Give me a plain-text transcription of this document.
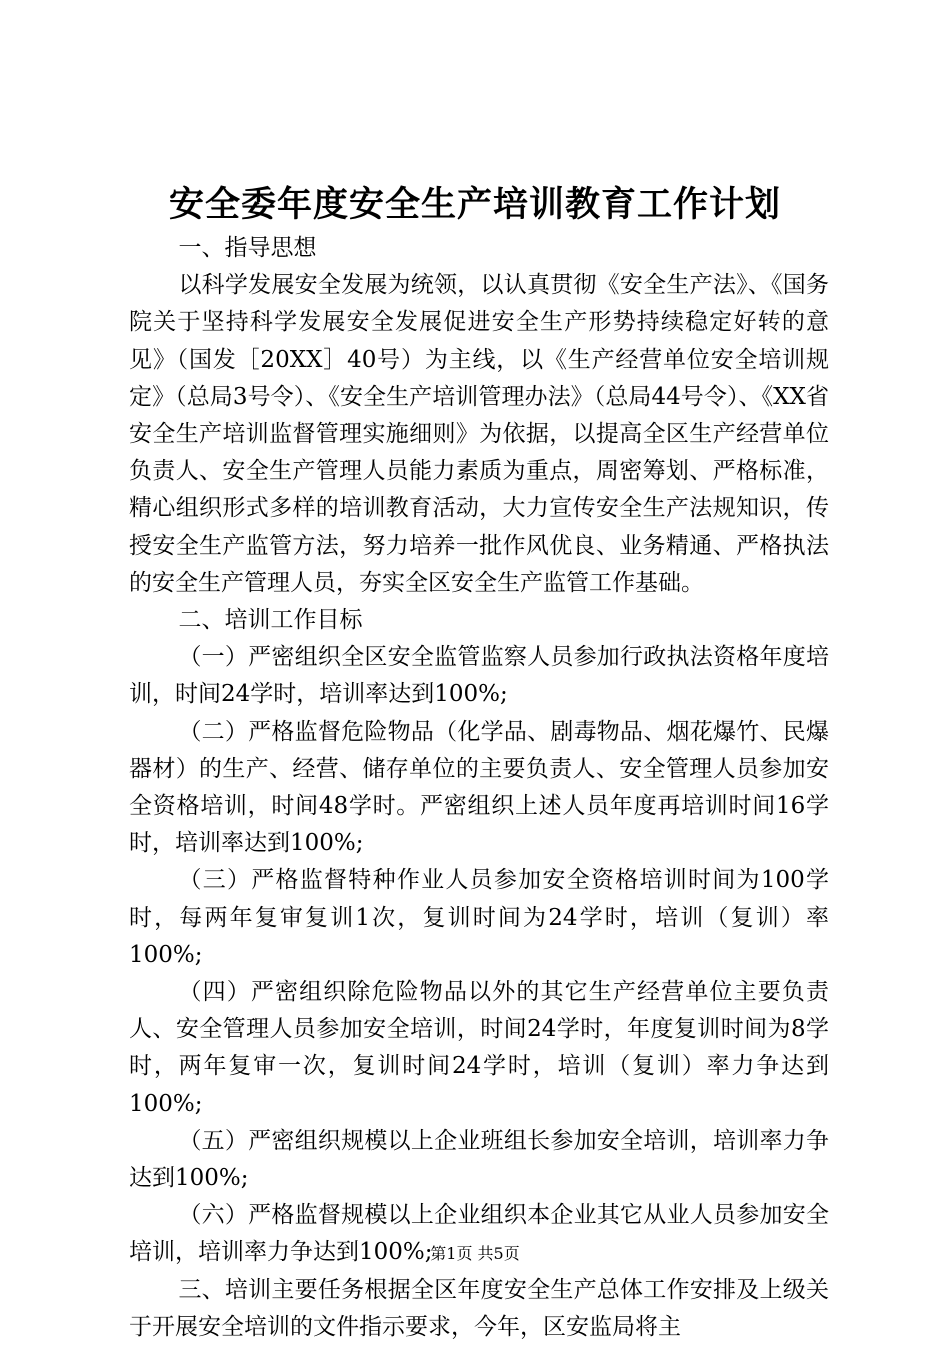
安全委年度安全生产培训教育工作计划

一、指导思想

以科学发展安全发展为统领，以认真贯彻《安全生产法》、《国务院关于坚持科学发展安全发展促进安全生产形势持续稳定好转的意见》（国发［20XX］40号）为主线，以《生产经营单位安全培训规定》（总局3号令）、《安全生产培训管理办法》（总局44号令）、《XX省安全生产培训监督管理实施细则》为依据，以提高全区生产经营单位负责人、安全生产管理人员能力素质为重点，周密筹划、严格标准，精心组织形式多样的培训教育活动，大力宣传安全生产法规知识，传授安全生产监管方法，努力培养一批作风优良、业务精通、严格执法的安全生产管理人员，夯实全区安全生产监管工作基础。

二、培训工作目标

（一）严密组织全区安全监管监察人员参加行政执法资格年度培训，时间24学时，培训率达到100%;

（二）严格监督危险物品（化学品、剧毒物品、烟花爆竹、民爆器材）的生产、经营、储存单位的主要负责人、安全管理人员参加安全资格培训，时间48学时。严密组织上述人员年度再培训时间16学时，培训率达到100%;

（三）严格监督特种作业人员参加安全资格培训时间为100学时，每两年复审复训1次，复训时间为24学时，培训（复训）率100%;

（四）严密组织除危险物品以外的其它生产经营单位主要负责人、安全管理人员参加安全培训，时间24学时，年度复训时间为8学时，两年复审一次，复训时间24学时，培训（复训）率力争达到100%;

（五）严密组织规模以上企业班组长参加安全培训，培训率力争达到100%;

（六）严格监督规模以上企业组织本企业其它从业人员参加安全培训，培训率力争达到100%;

三、培训主要任务根据全区年度安全生产总体工作安排及上级关于开展安全培训的文件指示要求，今年，区安监局将主

第1页 共5页
